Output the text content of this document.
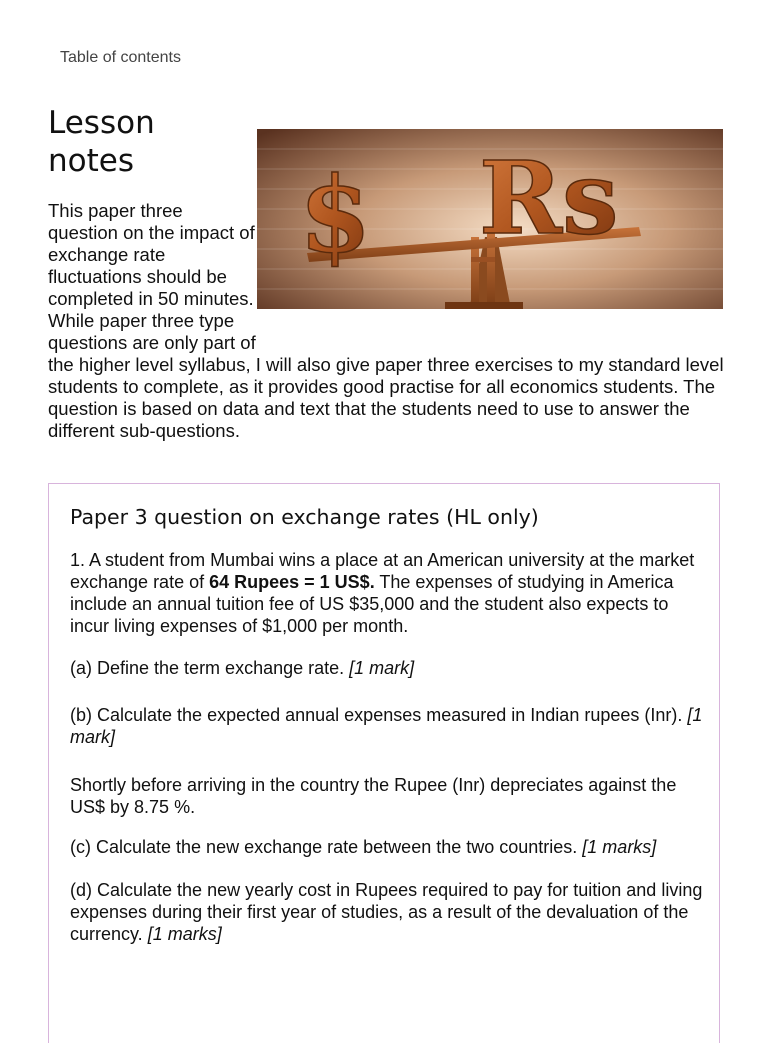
Table of contents
$ Rs
Lesson notes

This paper three question on the impact of exchange rate fluctuations should be completed in 50 minutes. While paper three type questions are only part of the higher level syllabus, I will also give paper three exercises to my standard level students to complete, as it provides good practise for all economics students. The question is based on data and text that the students need to use to answer the different sub-questions.

Paper 3 question on exchange rates (HL only)

1. A student from Mumbai wins a place at an American university at the market exchange rate of 64 Rupees = 1 US$. The expenses of studying in America include an annual tuition fee of US $35,000 and the student also expects to incur living expenses of $1,000 per month.

(a) Define the term exchange rate. [1 mark]

(b) Calculate the expected annual expenses measured in Indian rupees (Inr). [1 mark]

Shortly before arriving in the country the Rupee (Inr) depreciates against the US$ by 8.75 %.

(c) Calculate the new exchange rate between the two countries. [1 marks]

(d) Calculate the new yearly cost in Rupees required to pay for tuition and living expenses during their first year of studies, as a result of the devaluation of the currency. [1 marks]
